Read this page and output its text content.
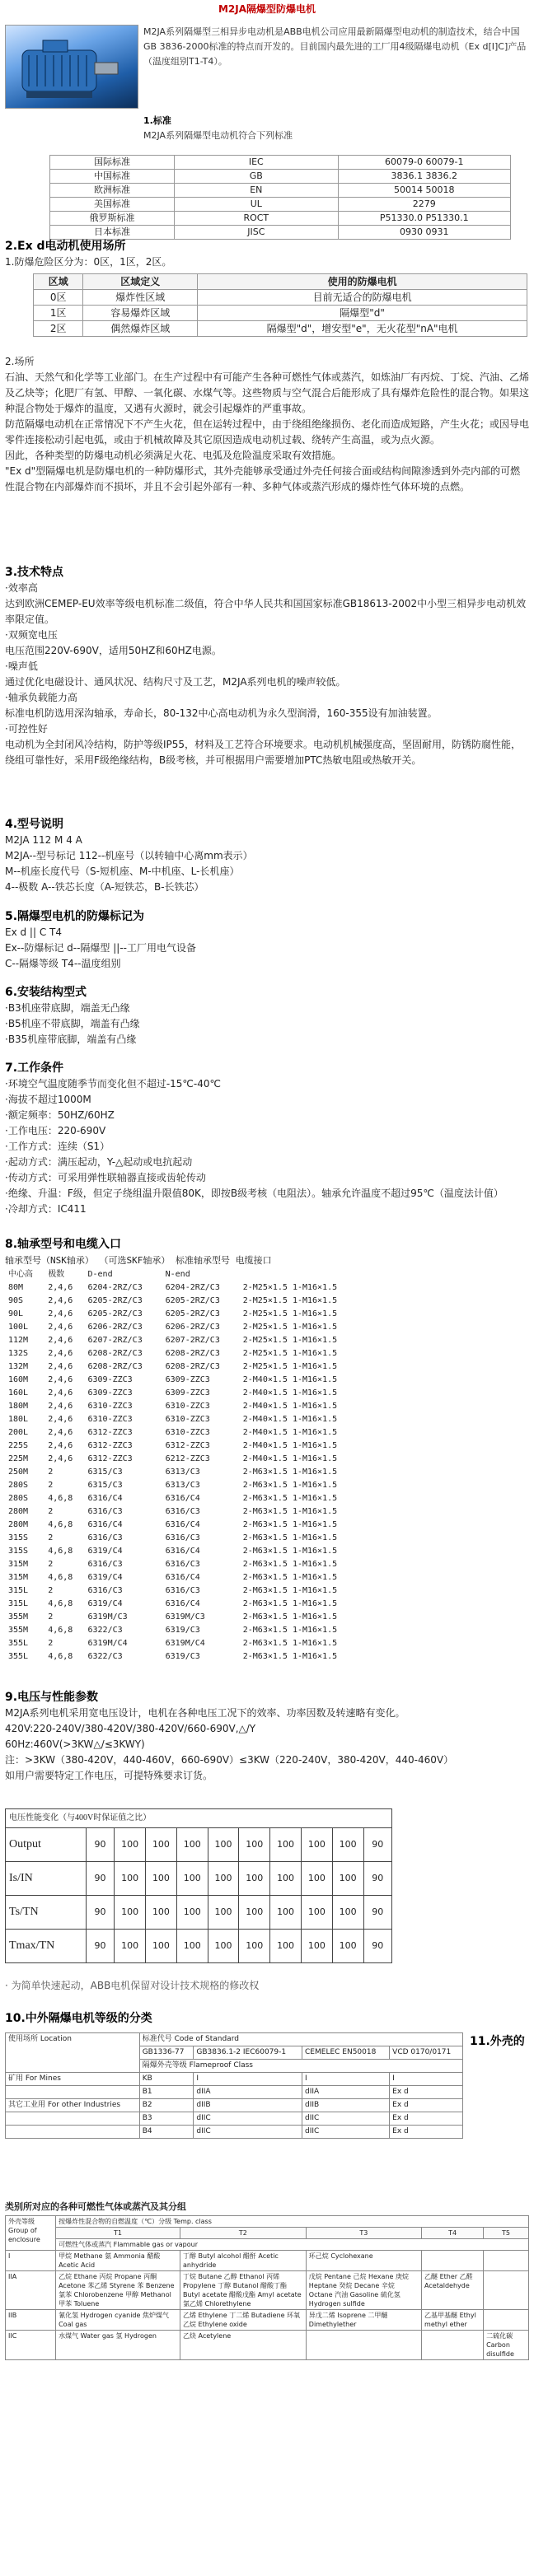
M2JA隔爆型防爆电机
M2JA系列隔爆型三相异步电动机是ABB电机公司应用最新隔爆型电动机的制造技术，结合中国GB 3836-2000标准的特点而开发的。目前国内最先进的工厂用4级隔爆电动机（Ex d[I]C]产品（温度组别T1-T4）。
1.标准
M2JA系列隔爆型电动机符合下列标准
国际标准	IEC	60079-0 60079-1
中国标准	GB	3836.1 3836.2
欧洲标准	EN	50014 50018
美国标准	UL	2279
俄罗斯标准	ROCT	P51330.0 P51330.1
日本标准	JISC	0930 0931
2.Ex d电动机使用场所
1.防爆危险区分为：0区，1区，2区。
区域	区域定义	使用的防爆电机
0区	爆炸性区域	目前无适合的防爆电机
1区	容易爆炸区域	隔爆型"d"
2区	偶然爆炸区域	隔爆型"d"，增安型"e"，无火花型"nA"电机
2.场所
石油、天然气和化学等工业部门。在生产过程中有可能产生各种可燃性气体或蒸汽，如炼油厂有丙烷、丁烷、汽油、乙烯及乙炔等；化肥厂有氢、甲醇、一氧化碳、水煤气等。这些物质与空气混合后能形成了具有爆炸危险性的混合物。如果这种混合物处于爆炸的温度，又遇有火源时，就会引起爆炸的严重事故。
防范隔爆电动机在正常情况下不产生火花，但在运转过程中，由于绕组绝缘损伤、老化而造成短路，产生火花；或因导电零件连接松动引起电弧，或由于机械故障及其它原因造成电动机过载、绕转产生高温，或为点火源。
因此，各种类型的防爆电动机必须满足火花、电弧及危险温度采取有效措施。
"Ex d"型隔爆电机是防爆电机的一种防爆形式，其外壳能够承受通过外壳任何接合面或结构间隙渗透到外壳内部的可燃性混合物在内部爆炸而不损坏，并且不会引起外部有一种、多种气体或蒸汽形成的爆炸性气体环境的点燃。
3.技术特点
·效率高
达到欧洲CEMEP-EU效率等级电机标准二级值，符合中华人民共和国国家标准GB18613-2002中小型三相异步电动机效率限定值。
·双频宽电压
电压范围220V-690V，适用50HZ和60HZ电源。
·噪声低
通过优化电磁设计、通风状况、结构尺寸及工艺，M2JA系列电机的噪声较低。
·轴承负载能力高
标准电机防选用深沟轴承，寿命长，80-132中心高电动机为永久型润滑，160-355设有加油装置。
·可控性好
电动机为全封闭风冷结构，防护等级IP55，材料及工艺符合环境要求。电动机机械强度高，坚固耐用，防锈防腐性能，绕组可靠性好，采用F级绝缘结构，B级考核，并可根据用户需要增加PTC热敏电阻或热敏开关。
4.型号说明
M2JA 112 M 4 A
M2JA--型号标记 112--机座号（以转轴中心离mm表示）
M--机座长度代号（S-短机座、M-中机座、L-长机座）
4--极数 A--铁芯长度（A-短铁芯，B-长铁芯）
5.隔爆型电机的防爆标记为
Ex d || C T4
Ex--防爆标记 d--隔爆型 ||--工厂用电气设备
C--隔爆等级 T4--温度组别
6.安装结构型式
·B3机座带底脚，端盖无凸缘
·B5机座不带底脚，端盖有凸缘
·B35机座带底脚，端盖有凸缘
7.工作条件
·环境空气温度随季节而变化但不超过-15℃-40℃
·海拔不超过1000M
·额定频率：50HZ/60HZ
·工作电压：220-690V
·工作方式：连续（S1）
·起动方式：满压起动，Y-△起动或电抗起动
·传动方式：可采用弹性联轴器直接或齿轮传动
·绝缘、升温：F级，但定子绕组温升限值80K，即按B级考核（电阻法）。轴承允许温度不超过95℃（温度法计值）
·冷却方式：IC411
8.轴承型号和电缆入口
轴承型号（NSK轴承） （可选SKF轴承） 标准轴承型号 电缆接口
中心高	极数	D-end	N-end	
80M	2,4,6	6204-2RZ/C3	6204-2RZ/C3	2-M25×1.5 1-M16×1.5
90S	2,4,6	6205-2RZ/C3	6205-2RZ/C3	2-M25×1.5 1-M16×1.5
90L	2,4,6	6205-2RZ/C3	6205-2RZ/C3	2-M25×1.5 1-M16×1.5
100L	2,4,6	6206-2RZ/C3	6206-2RZ/C3	2-M25×1.5 1-M16×1.5
112M	2,4,6	6207-2RZ/C3	6207-2RZ/C3	2-M25×1.5 1-M16×1.5
132S	2,4,6	6208-2RZ/C3	6208-2RZ/C3	2-M25×1.5 1-M16×1.5
132M	2,4,6	6208-2RZ/C3	6208-2RZ/C3	2-M25×1.5 1-M16×1.5
160M	2,4,6	6309-ZZC3	6309-ZZC3	2-M40×1.5 1-M16×1.5
160L	2,4,6	6309-ZZC3	6309-ZZC3	2-M40×1.5 1-M16×1.5
180M	2,4,6	6310-ZZC3	6310-ZZC3	2-M40×1.5 1-M16×1.5
180L	2,4,6	6310-ZZC3	6310-ZZC3	2-M40×1.5 1-M16×1.5
200L	2,4,6	6312-ZZC3	6310-ZZC3	2-M40×1.5 1-M16×1.5
225S	2,4,6	6312-ZZC3	6312-ZZC3	2-M40×1.5 1-M16×1.5
225M	2,4,6	6312-ZZC3	6212-ZZC3	2-M40×1.5 1-M16×1.5
250M	2	6315/C3	6313/C3	2-M63×1.5 1-M16×1.5
280S	2	6315/C3	6313/C3	2-M63×1.5 1-M16×1.5
280S	4,6,8	6316/C4	6316/C4	2-M63×1.5 1-M16×1.5
280M	2	6316/C3	6316/C3	2-M63×1.5 1-M16×1.5
280M	4,6,8	6316/C4	6316/C4	2-M63×1.5 1-M16×1.5
315S	2	6316/C3	6316/C3	2-M63×1.5 1-M16×1.5
315S	4,6,8	6319/C4	6316/C4	2-M63×1.5 1-M16×1.5
315M	2	6316/C3	6316/C3	2-M63×1.5 1-M16×1.5
315M	4,6,8	6319/C4	6316/C4	2-M63×1.5 1-M16×1.5
315L	2	6316/C3	6316/C3	2-M63×1.5 1-M16×1.5
315L	4,6,8	6319/C4	6316/C4	2-M63×1.5 1-M16×1.5
355M	2	6319M/C3	6319M/C3	2-M63×1.5 1-M16×1.5
355M	4,6,8	6322/C3	6319/C3	2-M63×1.5 1-M16×1.5
355L	2	6319M/C4	6319M/C4	2-M63×1.5 1-M16×1.5
355L	4,6,8	6322/C3	6319/C3	2-M63×1.5 1-M16×1.5
9.电压与性能参数
M2JA系列电机采用宽电压设计，电机在各种电压工况下的效率、功率因数及转速略有变化。
420V:220-240V/380-420V/380-420V/660-690V,△/Y
60Hz:460V(>3KW△/≤3KWY)
注：>3KW（380-420V，440-460V，660-690V）≤3KW（220-240V，380-420V，440-460V）
如用户需要特定工作电压，可提特殊要求订货。
电压性能变化（与400V时保证值之比）										
Output	90	100	100	100	100	100	100	100	100	90
Is/IN	90	100	100	100	100	100	100	100	100	90
Ts/TN	90	100	100	100	100	100	100	100	100	90
Tmax/TN	90	100	100	100	100	100	100	100	100	90
· 为简单快速起动，ABB电机保留对设计技术规格的修改权
10.中外隔爆电机等级的分类
使用场所 Location	标准代号 Code of Standard			
	GB1336-77	GB3836.1-2 IEC60079-1	CEMELEC EN50018	VCD 0170/0171
	隔爆外壳等级 Flameproof Class			
矿用 For Mines	KB	I	I	I
	B1	dIIA	dIIA	Ex d
其它工业用 For other Industries	B2	dIIB	dIIB	Ex d
	B3	dIIC	dIIC	Ex d
	B4	dIIC	dIIC	Ex d
11.外壳的
类别所对应的各种可燃性气体或蒸汽及其分组
外壳等级 Group of enclosure	按爆炸性混合物的自燃温度（℃）分级 Temp. class				
	T1	T2	T3	T4	T5
	可燃性气体或蒸汽 Flammable gas or vapour				
I	甲烷 Methane 氨 Ammonia 醋酸 Acetic Acid	丁醇 Butyl alcohol 醋酐 Acetic anhydride	环己烷 Cyclohexane		
IIA	乙烷 Ethane 丙烷 Propane 丙酮 Acetone 苯乙烯 Styrene 苯 Benzene 氯苯 Chlorobenzene 甲醇 Methanol 甲苯 Toluene	丁烷 Butane 乙醇 Ethanol 丙烯 Propylene 丁醇 Butanol 醋酸丁酯 Butyl acetate 醋酸戊酯 Amyl acetate 氯乙烯 Chlorethylene	戊烷 Pentane 己烷 Hexane 庚烷 Heptane 癸烷 Decane 辛烷 Octane 汽油 Gasoline 硫化氢 Hydrogen sulfide	乙醚 Ether 乙醛 Acetaldehyde	
IIB	氰化氢 Hydrogen cyanide 焦炉煤气 Coal gas	乙烯 Ethylene 丁二烯 Butadiene 环氧乙烷 Ethylene oxide	异戊二烯 Isoprene 二甲醚 Dimethylether	乙基甲基醚 Ethyl methyl ether	
IIC	水煤气 Water gas 氢 Hydrogen	乙炔 Acetylene			二硫化碳 Carbon disulfide
